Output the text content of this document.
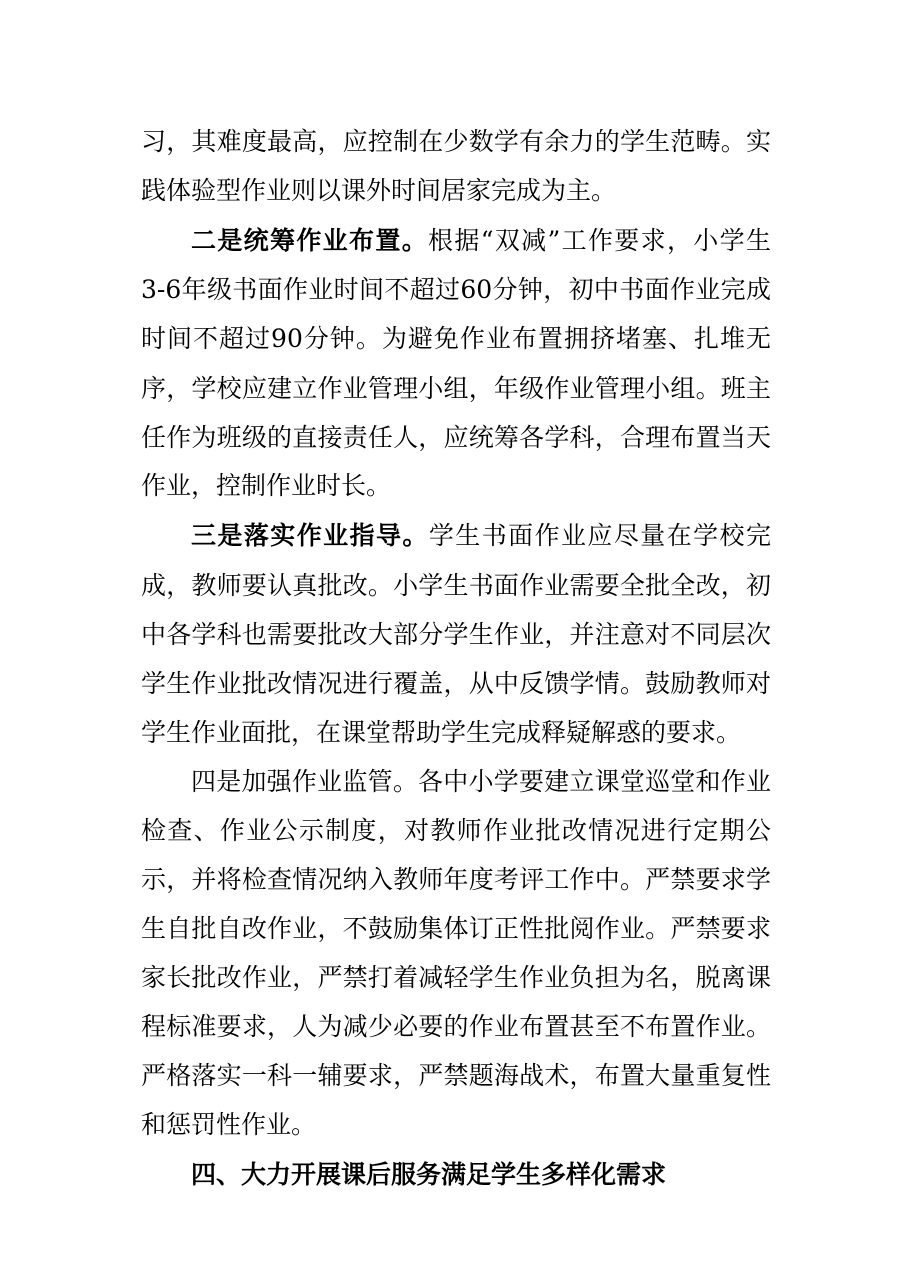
习，其难度最高，应控制在少数学有余力的学生范畴。实
践体验型作业则以课外时间居家完成为主。
二是统筹作业布置。根据“双减”工作要求，小学生
3-6年级书面作业时间不超过60分钟，初中书面作业完成
时间不超过90分钟。为避免作业布置拥挤堵塞、扎堆无
序，学校应建立作业管理小组，年级作业管理小组。班主
任作为班级的直接责任人，应统筹各学科，合理布置当天
作业，控制作业时长。
三是落实作业指导。学生书面作业应尽量在学校完
成，教师要认真批改。小学生书面作业需要全批全改，初
中各学科也需要批改大部分学生作业，并注意对不同层次
学生作业批改情况进行覆盖，从中反馈学情。鼓励教师对
学生作业面批，在课堂帮助学生完成释疑解惑的要求。
四是加强作业监管。各中小学要建立课堂巡堂和作业
检查、作业公示制度，对教师作业批改情况进行定期公
示，并将检查情况纳入教师年度考评工作中。严禁要求学
生自批自改作业，不鼓励集体订正性批阅作业。严禁要求
家长批改作业，严禁打着减轻学生作业负担为名，脱离课
程标准要求，人为减少必要的作业布置甚至不布置作业。
严格落实一科一辅要求，严禁题海战术，布置大量重复性
和惩罚性作业。
四、大力开展课后服务满足学生多样化需求
